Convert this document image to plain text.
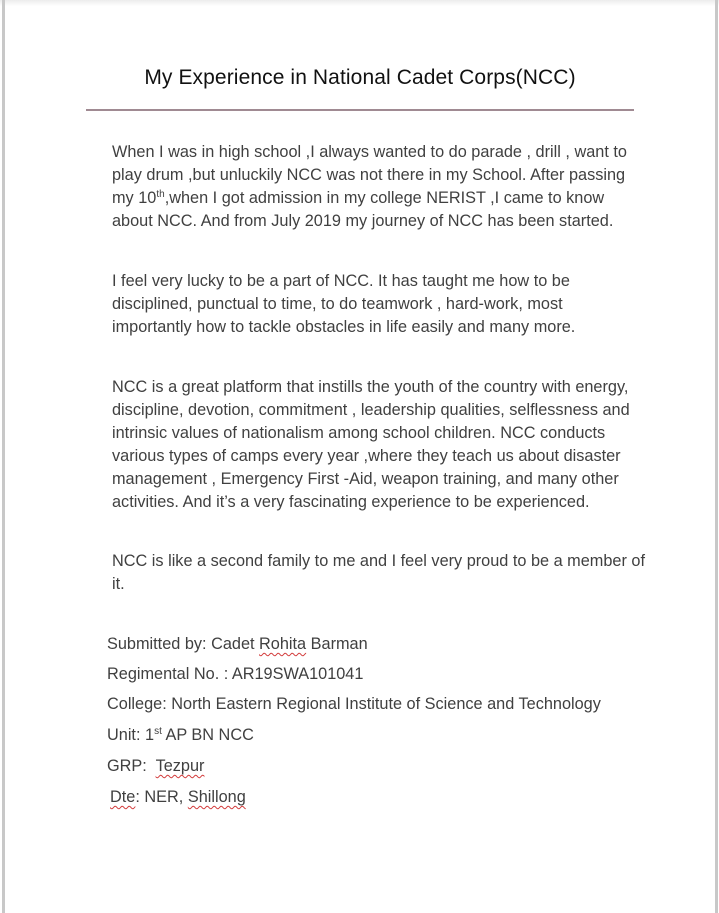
My Experience in National Cadet Corps(NCC)
When I was in high school ,I always wanted to do parade , drill , want to
play drum ,but unluckily NCC was not there in my School. After passing
my 10th,when I got admission in my college NERIST ,I came to know
about NCC. And from July 2019 my journey of NCC has been started.
I feel very lucky to be a part of NCC. It has taught me how to be
disciplined, punctual to time, to do teamwork , hard-work, most
importantly how to tackle obstacles in life easily and many more.
NCC is a great platform that instills the youth of the country with energy,
discipline, devotion, commitment , leadership qualities, selflessness and
intrinsic values of nationalism among school children. NCC conducts
various types of camps every year ,where they teach us about disaster
management , Emergency First -Aid, weapon training, and many other
activities. And it’s a very fascinating experience to be experienced.
NCC is like a second family to me and I feel very proud to be a member of
it.
Submitted by: Cadet Rohita Barman
Regimental No. : AR19SWA101041
College: North Eastern Regional Institute of Science and Technology
Unit: 1st AP BN NCC
GRP:  Tezpur
Dte: NER, Shillong
